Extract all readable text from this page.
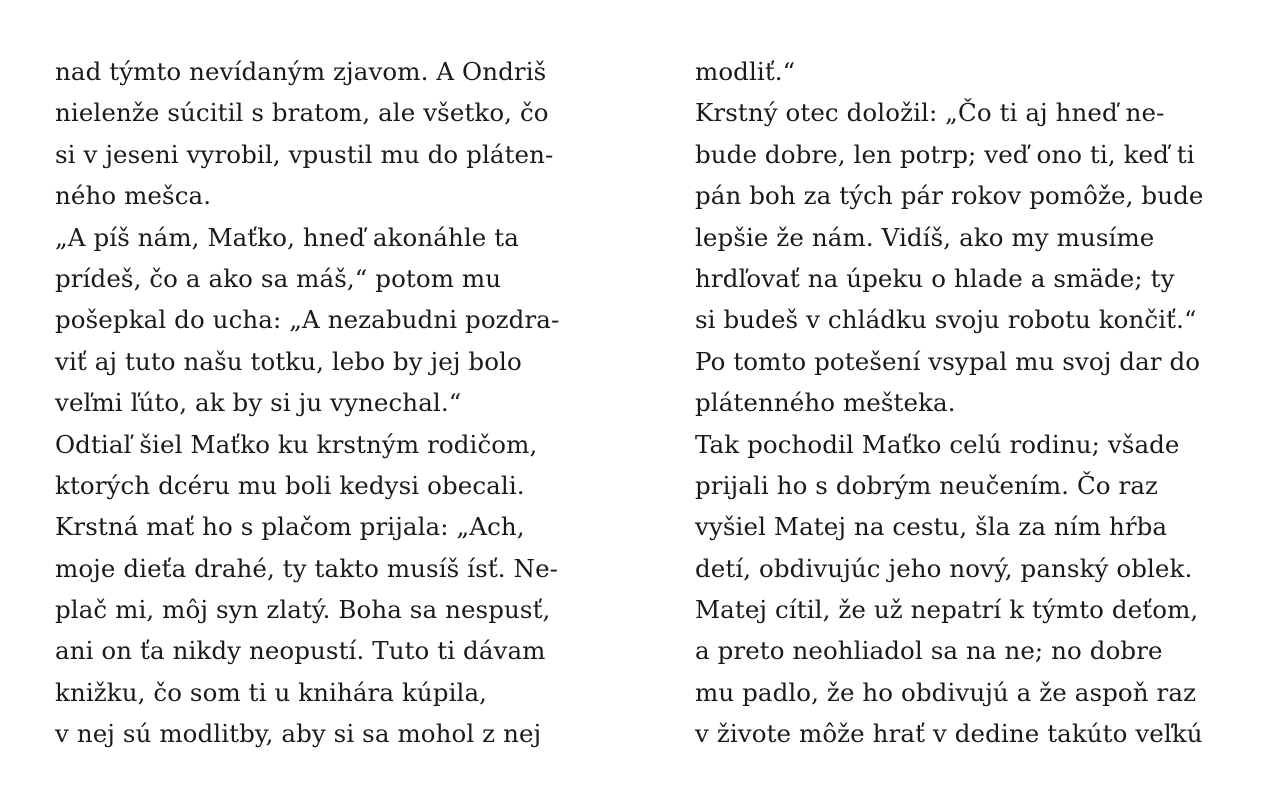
nad týmto nevídaným zjavom. A Ondriš
nielenže súcitil s bratom, ale všetko, čo
si v jeseni vyrobil, vpustil mu do pláten-
ného mešca.
„A píš nám, Maťko, hneď akonáhle ta
prídeš, čo a ako sa máš,“ potom mu
pošepkal do ucha: „A nezabudni pozdra-
viť aj tuto našu totku, lebo by jej bolo
veľmi ľúto, ak by si ju vynechal.“
Odtiaľ šiel Maťko ku krstným rodičom,
ktorých dcéru mu boli kedysi obecali.
Krstná mať ho s plačom prijala: „Ach,
moje dieťa drahé, ty takto musíš ísť. Ne-
plač mi, môj syn zlatý. Boha sa nespusť,
ani on ťa nikdy neopustí. Tuto ti dávam
knižku, čo som ti u knihára kúpila,
v nej sú modlitby, aby si sa mohol z nej
modliť.“
Krstný otec doložil: „Čo ti aj hneď ne-
bude dobre, len potrp; veď ono ti, keď ti
pán boh za tých pár rokov pomôže, bude
lepšie že nám. Vidíš, ako my musíme
hrdľovať na úpeku o hlade a smäde; ty
si budeš v chládku svoju robotu končiť.“
Po tomto potešení vsypal mu svoj dar do
plátenného mešteka.
Tak pochodil Maťko celú rodinu; všade
prijali ho s dobrým neučením. Čo raz
vyšiel Matej na cestu, šla za ním hŕba
detí, obdivujúc jeho nový, panský oblek.
Matej cítil, že už nepatrí k týmto deťom,
a preto neohliadol sa na ne; no dobre
mu padlo, že ho obdivujú a že aspoň raz
v živote môže hrať v dedine takúto veľkú
